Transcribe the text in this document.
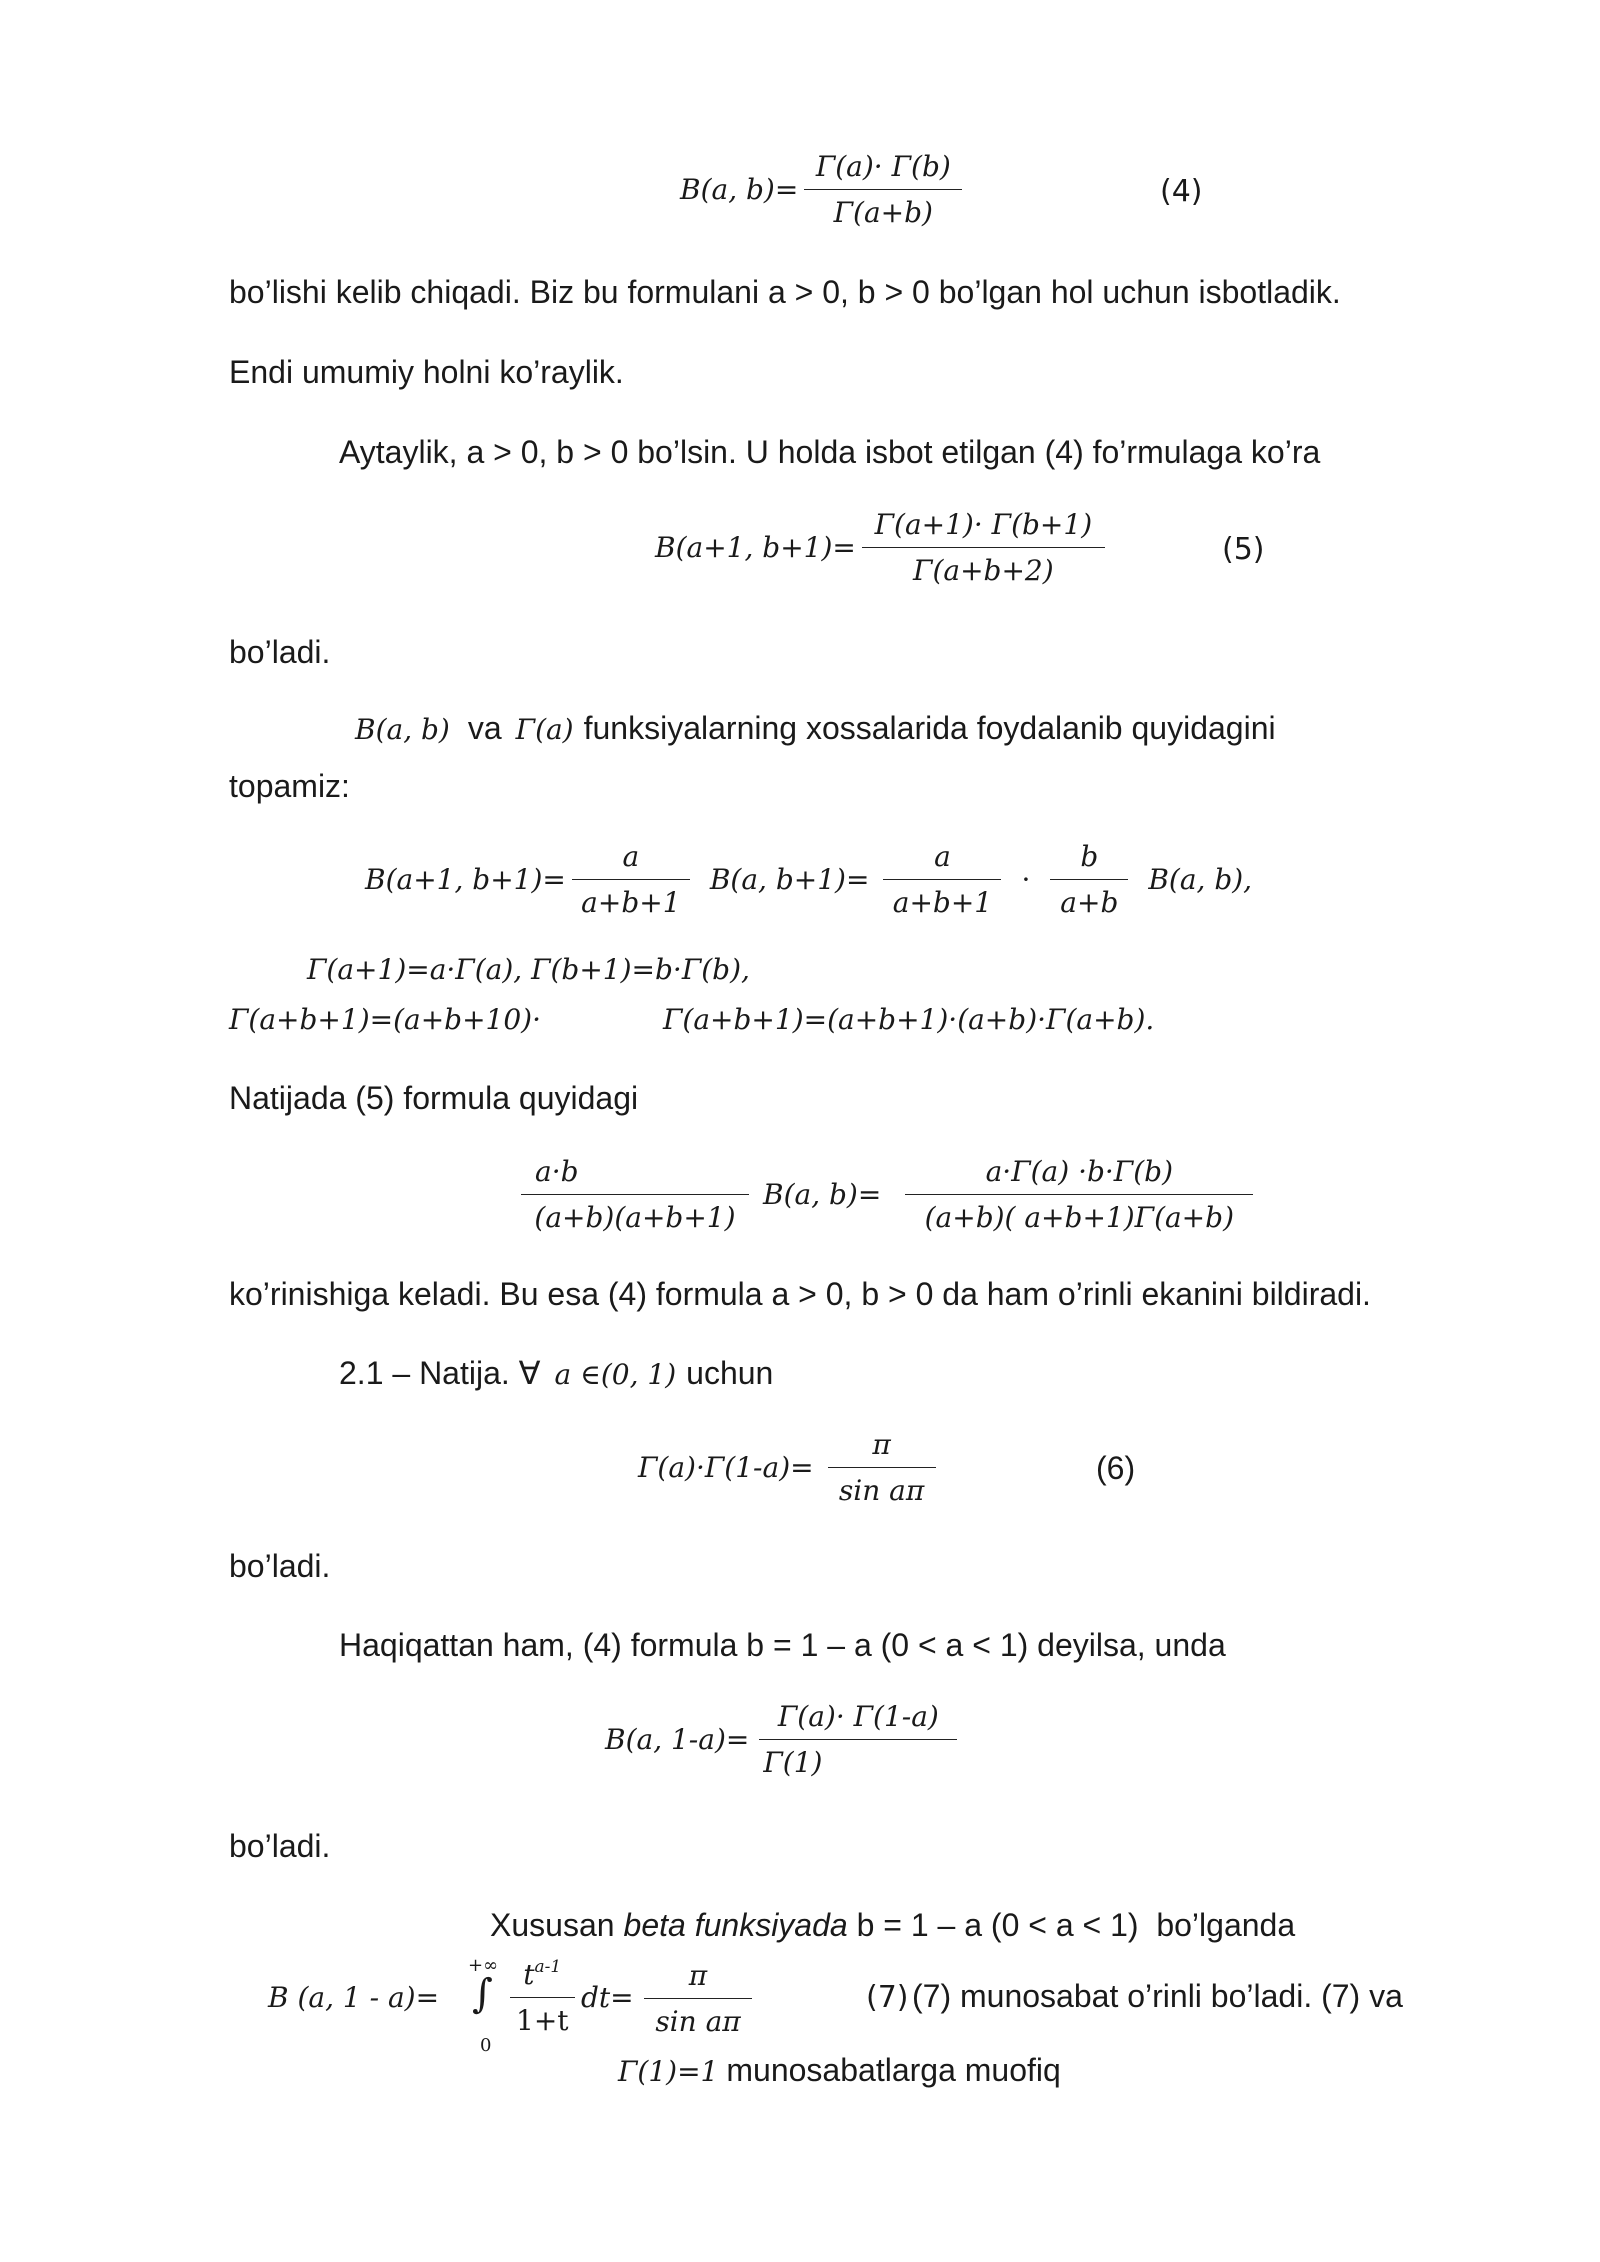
B(a, $b)= \frac{\Gamma(a)\cdot \Gamma(b)}{\Gamma(a+b)}$	(4)
bo’lishi kelib chiqadi. Biz bu formulani a > 0, b > 0 bo’lgan hol uchun isbotladik.
Endi umumiy holni ko’raylik.
Aytaylik, a > 0, b > 0 bo’lsin. U holda isbot etilgan (4) fo’rmulaga ko’ra
B(a+1, $b+1)= \frac{\Gamma(a+1)\cdot \Gamma(b+1)}{\Gamma(a+b+2)}$	(5)
bo’ladi.
B(a, b) va Γ(a) funksiyalarning xossalarida foydalanib quyidagini
topamiz:
B(a+1, $b+1)= \frac{a}{a+b+1} B(a$, $b+1)= \frac{a}{a+b+1} \cdot \frac{b}{a+b} B(a$, b),
Γ(a+1)=a·Γ(a), Γ(b+1)=b·Γ(b),
Γ(a+b+1)=(a+b+10)·	Γ(a+b+1)=(a+b+1)·(a+b)·Γ(a+b).
Natijada (5) formula quyidagi
$\frac{a\cdot b}{(a+b)(a+b+1)} B(a$, $b)= \frac{a\cdot\Gamma(a) \cdot b\cdot\Gamma(b)}{(a+b)( a+b+1)\Gamma(a+b)}$
ko’rinishiga keladi. Bu esa (4) formula a > 0, b > 0 da ham o’rinli ekanini bildiradi.
2.1 – Natija. ∀ a ∈(0, 1) uchun
$\Gamma(a)\cdot\Gamma(1-a)= \frac{\pi}{\text{sin aπ}}$	(6)
bo’ladi.
Haqiqattan ham, (4) formula b = 1 – a (0 < a < 1) deyilsa, unda
B(a, $1-a)= \frac{\Gamma(a)\cdot \Gamma(1-a)}{\Gamma(1)}$
bo’ladi.
Xususan beta funksiyada b = 1 – a (0 < a < 1)  bo’lganda
B (a, 1 - a)=
+∞
∫
0
$\frac{t^{a-1}}{1+t} dt= \frac{\pi}{\text{sin aπ}}$	(7) (7) munosabat o’rinli bo’ladi. (7) va
Γ(1)=1 munosabatlarga muofiq
